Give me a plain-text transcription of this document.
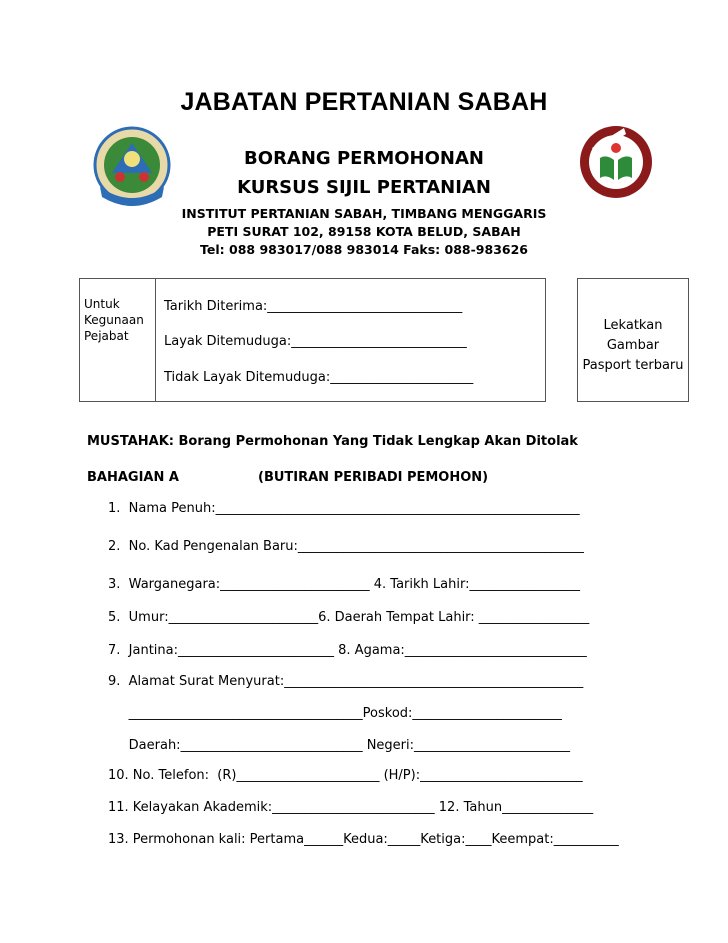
JABATAN PERTANIAN SABAH
BORANG PERMOHONAN
KURSUS SIJIL PERTANIAN
INSTITUT PERTANIAN SABAH, TIMBANG MENGGARIS
PETI SURAT 102, 89158 KOTA BELUD, SABAH
Tel: 088 983017/088 983014 Faks: 088-983626
Untuk
Kegunaan
Pejabat
Tarikh Diterima:______________________________
Layak Ditemuduga:___________________________
Tidak Layak Ditemuduga:______________________
Lekatkan
Gambar
Pasport terbaru
MUSTAHAK: Borang Permohonan Yang Tidak Lengkap Akan Ditolak
BAHAGIAN A	(BUTIRAN PERIBADI PEMOHON)
1.  Nama Penuh:________________________________________________________
2.  No. Kad Pengenalan Baru:____________________________________________
3.  Warganegara:_______________________ 4. Tarikh Lahir:_________________
5.  Umur:_______________________6. Daerah Tempat Lahir: _________________
7.  Jantina:________________________ 8. Agama:____________________________
9.  Alamat Surat Menyurat:______________________________________________
____________________________________Poskod:_______________________
Daerah:____________________________ Negeri:________________________
10. No. Telefon:  (R)______________________ (H/P):_________________________
11. Kelayakan Akademik:_________________________ 12. Tahun______________
13. Permohonan kali: Pertama______Kedua:_____Ketiga:____Keempat:__________
